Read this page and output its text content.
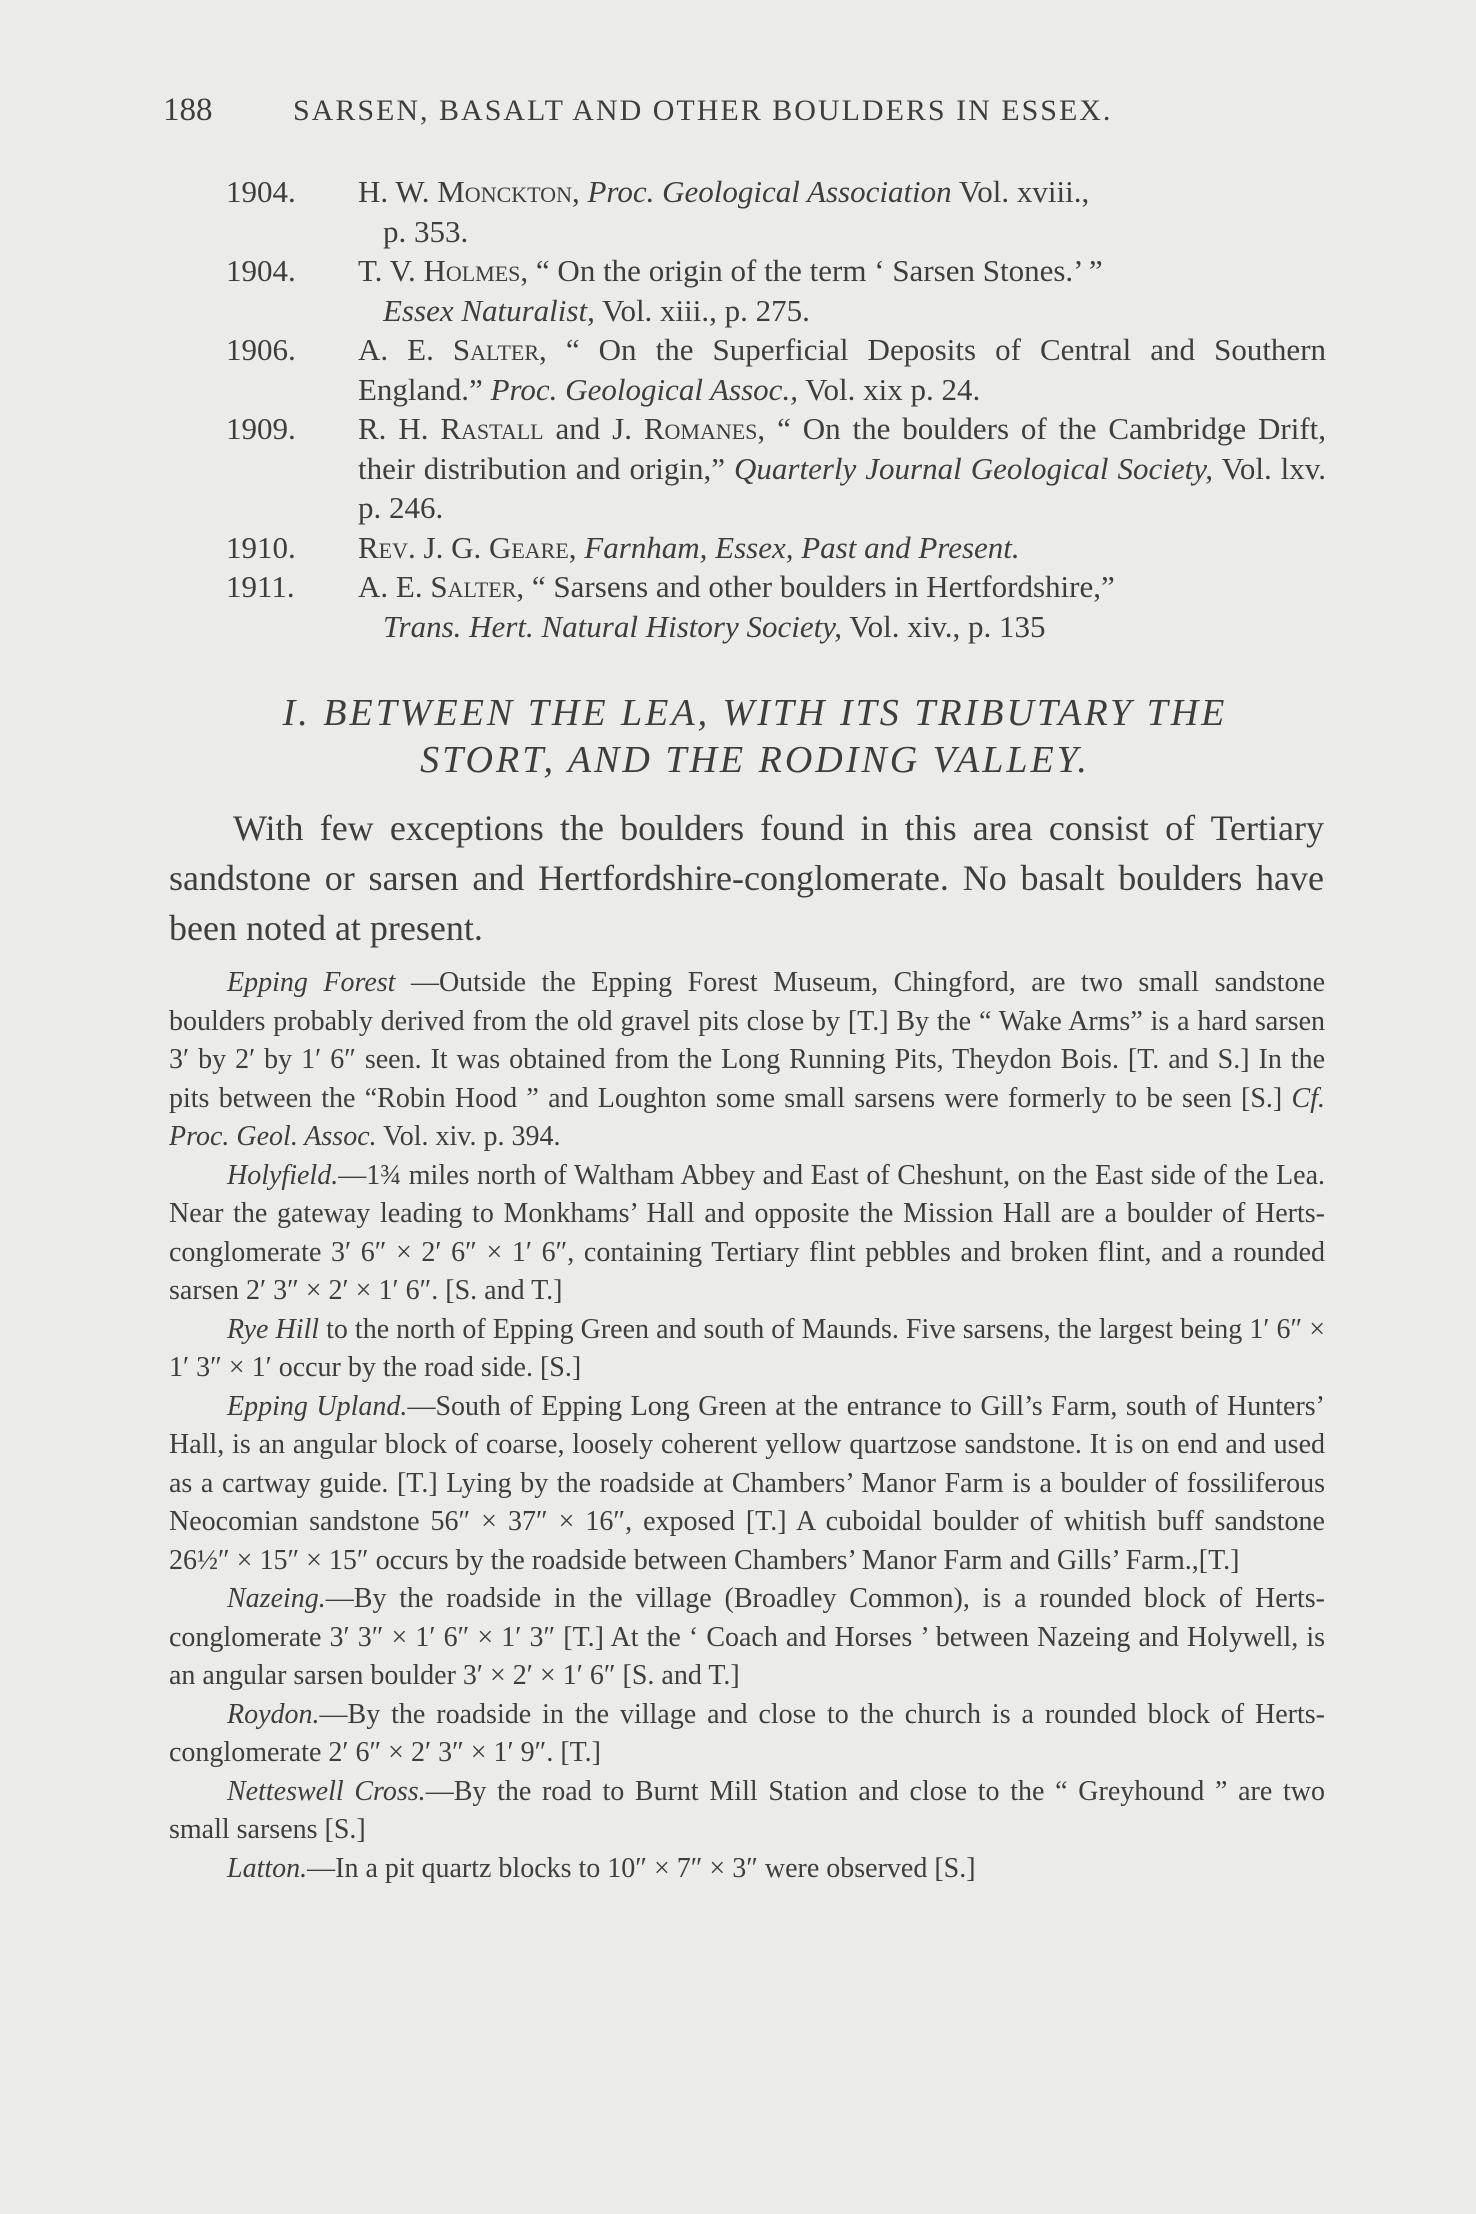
188	SARSEN, BASALT AND OTHER BOULDERS IN ESSEX.
1904.	H. W. Monckton, Proc. Geological Association Vol. xviii.,
p. 353.
1904.	T. V. Holmes, “ On the origin of the term ‘ Sarsen Stones.’ ”
Essex Naturalist, Vol. xiii., p. 275.
1906.	A. E. Salter, “ On the Superficial Deposits of Central and Southern England.” Proc. Geological Assoc., Vol. xix p. 24.
1909.	R. H. Rastall and J. Romanes, “ On the boulders of the Cambridge Drift, their distribution and origin,” Quarterly Journal Geological Society, Vol. lxv. p. 246.
1910.	Rev. J. G. Geare, Farnham, Essex, Past and Present.
1911.	A. E. Salter, “ Sarsens and other boulders in Hertfordshire,”
Trans. Hert. Natural History Society, Vol. xiv., p. 135
I. BETWEEN THE LEA, WITH ITS TRIBUTARY THE
STORT, AND THE RODING VALLEY.
With few exceptions the boulders found in this area consist of Tertiary sandstone or sarsen and Hertfordshire-conglomerate. No basalt boulders have been noted at present.

Epping Forest —Outside the Epping Forest Museum, Chingford, are two small sandstone boulders probably derived from the old gravel pits close by [T.] By the “ Wake Arms” is a hard sarsen 3′ by 2′ by 1′ 6″ seen. It was obtained from the Long Running Pits, Theydon Bois. [T. and S.] In the pits between the “Robin Hood ” and Loughton some small sarsens were formerly to be seen [S.] Cf. Proc. Geol. Assoc. Vol. xiv. p. 394.

Holyfield.—1¾ miles north of Waltham Abbey and East of Cheshunt, on the East side of the Lea. Near the gateway leading to Monkhams’ Hall and opposite the Mission Hall are a boulder of Herts-conglomerate 3′ 6″ × 2′ 6″ × 1′ 6″, containing Tertiary flint pebbles and broken flint, and a rounded sarsen 2′ 3″ × 2′ × 1′ 6″. [S. and T.]

Rye Hill to the north of Epping Green and south of Maunds. Five sarsens, the largest being 1′ 6″ × 1′ 3″ × 1′ occur by the road side. [S.]

Epping Upland.—South of Epping Long Green at the entrance to Gill’s Farm, south of Hunters’ Hall, is an angular block of coarse, loosely coherent yellow quartzose sandstone. It is on end and used as a cartway guide. [T.] Lying by the roadside at Chambers’ Manor Farm is a boulder of fossiliferous Neocomian sandstone 56″ × 37″ × 16″, exposed [T.] A cuboidal boulder of whitish buff sandstone 26½″ × 15″ × 15″ occurs by the roadside between Chambers’ Manor Farm and Gills’ Farm.,[T.]

Nazeing.—By the roadside in the village (Broadley Common), is a rounded block of Herts-conglomerate 3′ 3″ × 1′ 6″ × 1′ 3″ [T.] At the ‘ Coach and Horses ’ between Nazeing and Holywell, is an angular sarsen boulder 3′ × 2′ × 1′ 6″ [S. and T.]

Roydon.—By the roadside in the village and close to the church is a rounded block of Herts-conglomerate 2′ 6″ × 2′ 3″ × 1′ 9″. [T.]

Netteswell Cross.—By the road to Burnt Mill Station and close to the “ Greyhound ” are two small sarsens [S.]

Latton.—In a pit quartz blocks to 10″ × 7″ × 3″ were observed [S.]
